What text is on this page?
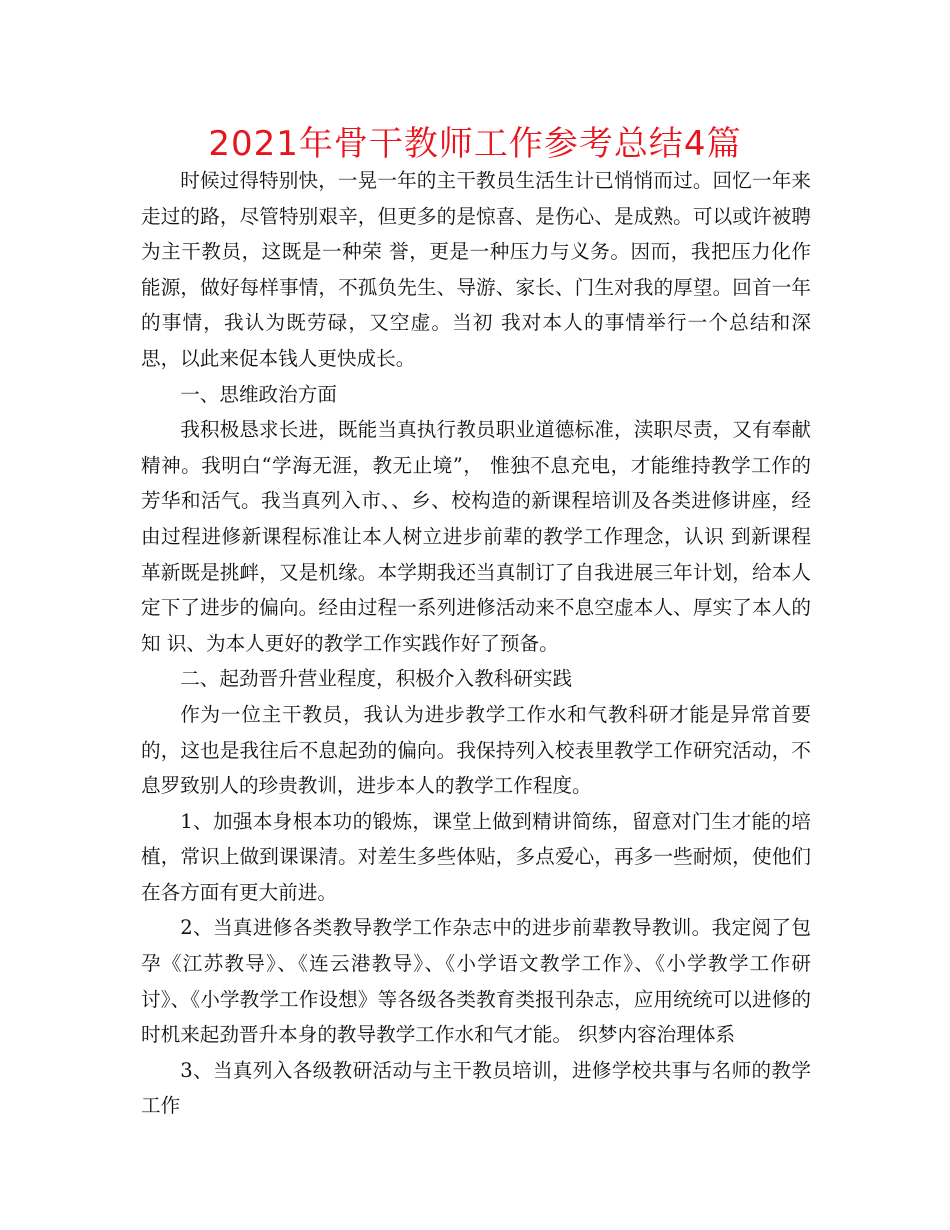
2021年骨干教师工作参考总结4篇

时候过得特别快，一晃一年的主干教员生活生计已悄悄而过。回忆一年来走过的路，尽管特别艰辛，但更多的是惊喜、是伤心、是成熟。可以或许被聘为主干教员，这既是一种荣 誉，更是一种压力与义务。因而，我把压力化作能源，做好每样事情，不孤负先生、导游、家长、门生对我的厚望。回首一年的事情，我认为既劳碌，又空虚。当初 我对本人的事情举行一个总结和深思，以此来促本钱人更快成长。

一、思维政治方面

我积极恳求长进，既能当真执行教员职业道德标准，渎职尽责，又有奉献精神。我明白“学海无涯，教无止境”， 惟独不息充电，才能维持教学工作的芳华和活气。我当真列入市、、乡、校构造的新课程培训及各类进修讲座，经由过程进修新课程标准让本人树立进步前辈的教学工作理念，认识 到新课程革新既是挑衅，又是机缘。本学期我还当真制订了自我进展三年计划，给本人定下了进步的偏向。经由过程一系列进修活动来不息空虚本人、厚实了本人的知 识、为本人更好的教学工作实践作好了预备。

二、起劲晋升营业程度，积极介入教科研实践

作为一位主干教员，我认为进步教学工作水和气教科研才能是异常首要的，这也是我往后不息起劲的偏向。我保持列入校表里教学工作研究活动，不息罗致别人的珍贵教训，进步本人的教学工作程度。

1、加强本身根本功的锻炼，课堂上做到精讲简练，留意对门生才能的培植，常识上做到课课清。对差生多些体贴，多点爱心，再多一些耐烦，使他们在各方面有更大前进。

2、当真进修各类教导教学工作杂志中的进步前辈教导教训。我定阅了包孕《江苏教导》、《连云港教导》、《小学语文教学工作》、《小学教学工作研讨》、《小学教学工作设想》等各级各类教育类报刊杂志，应用统统可以进修的时机来起劲晋升本身的教导教学工作水和气才能。 织梦内容治理体系

3、当真列入各级教研活动与主干教员培训，进修学校共事与名师的教学工作
